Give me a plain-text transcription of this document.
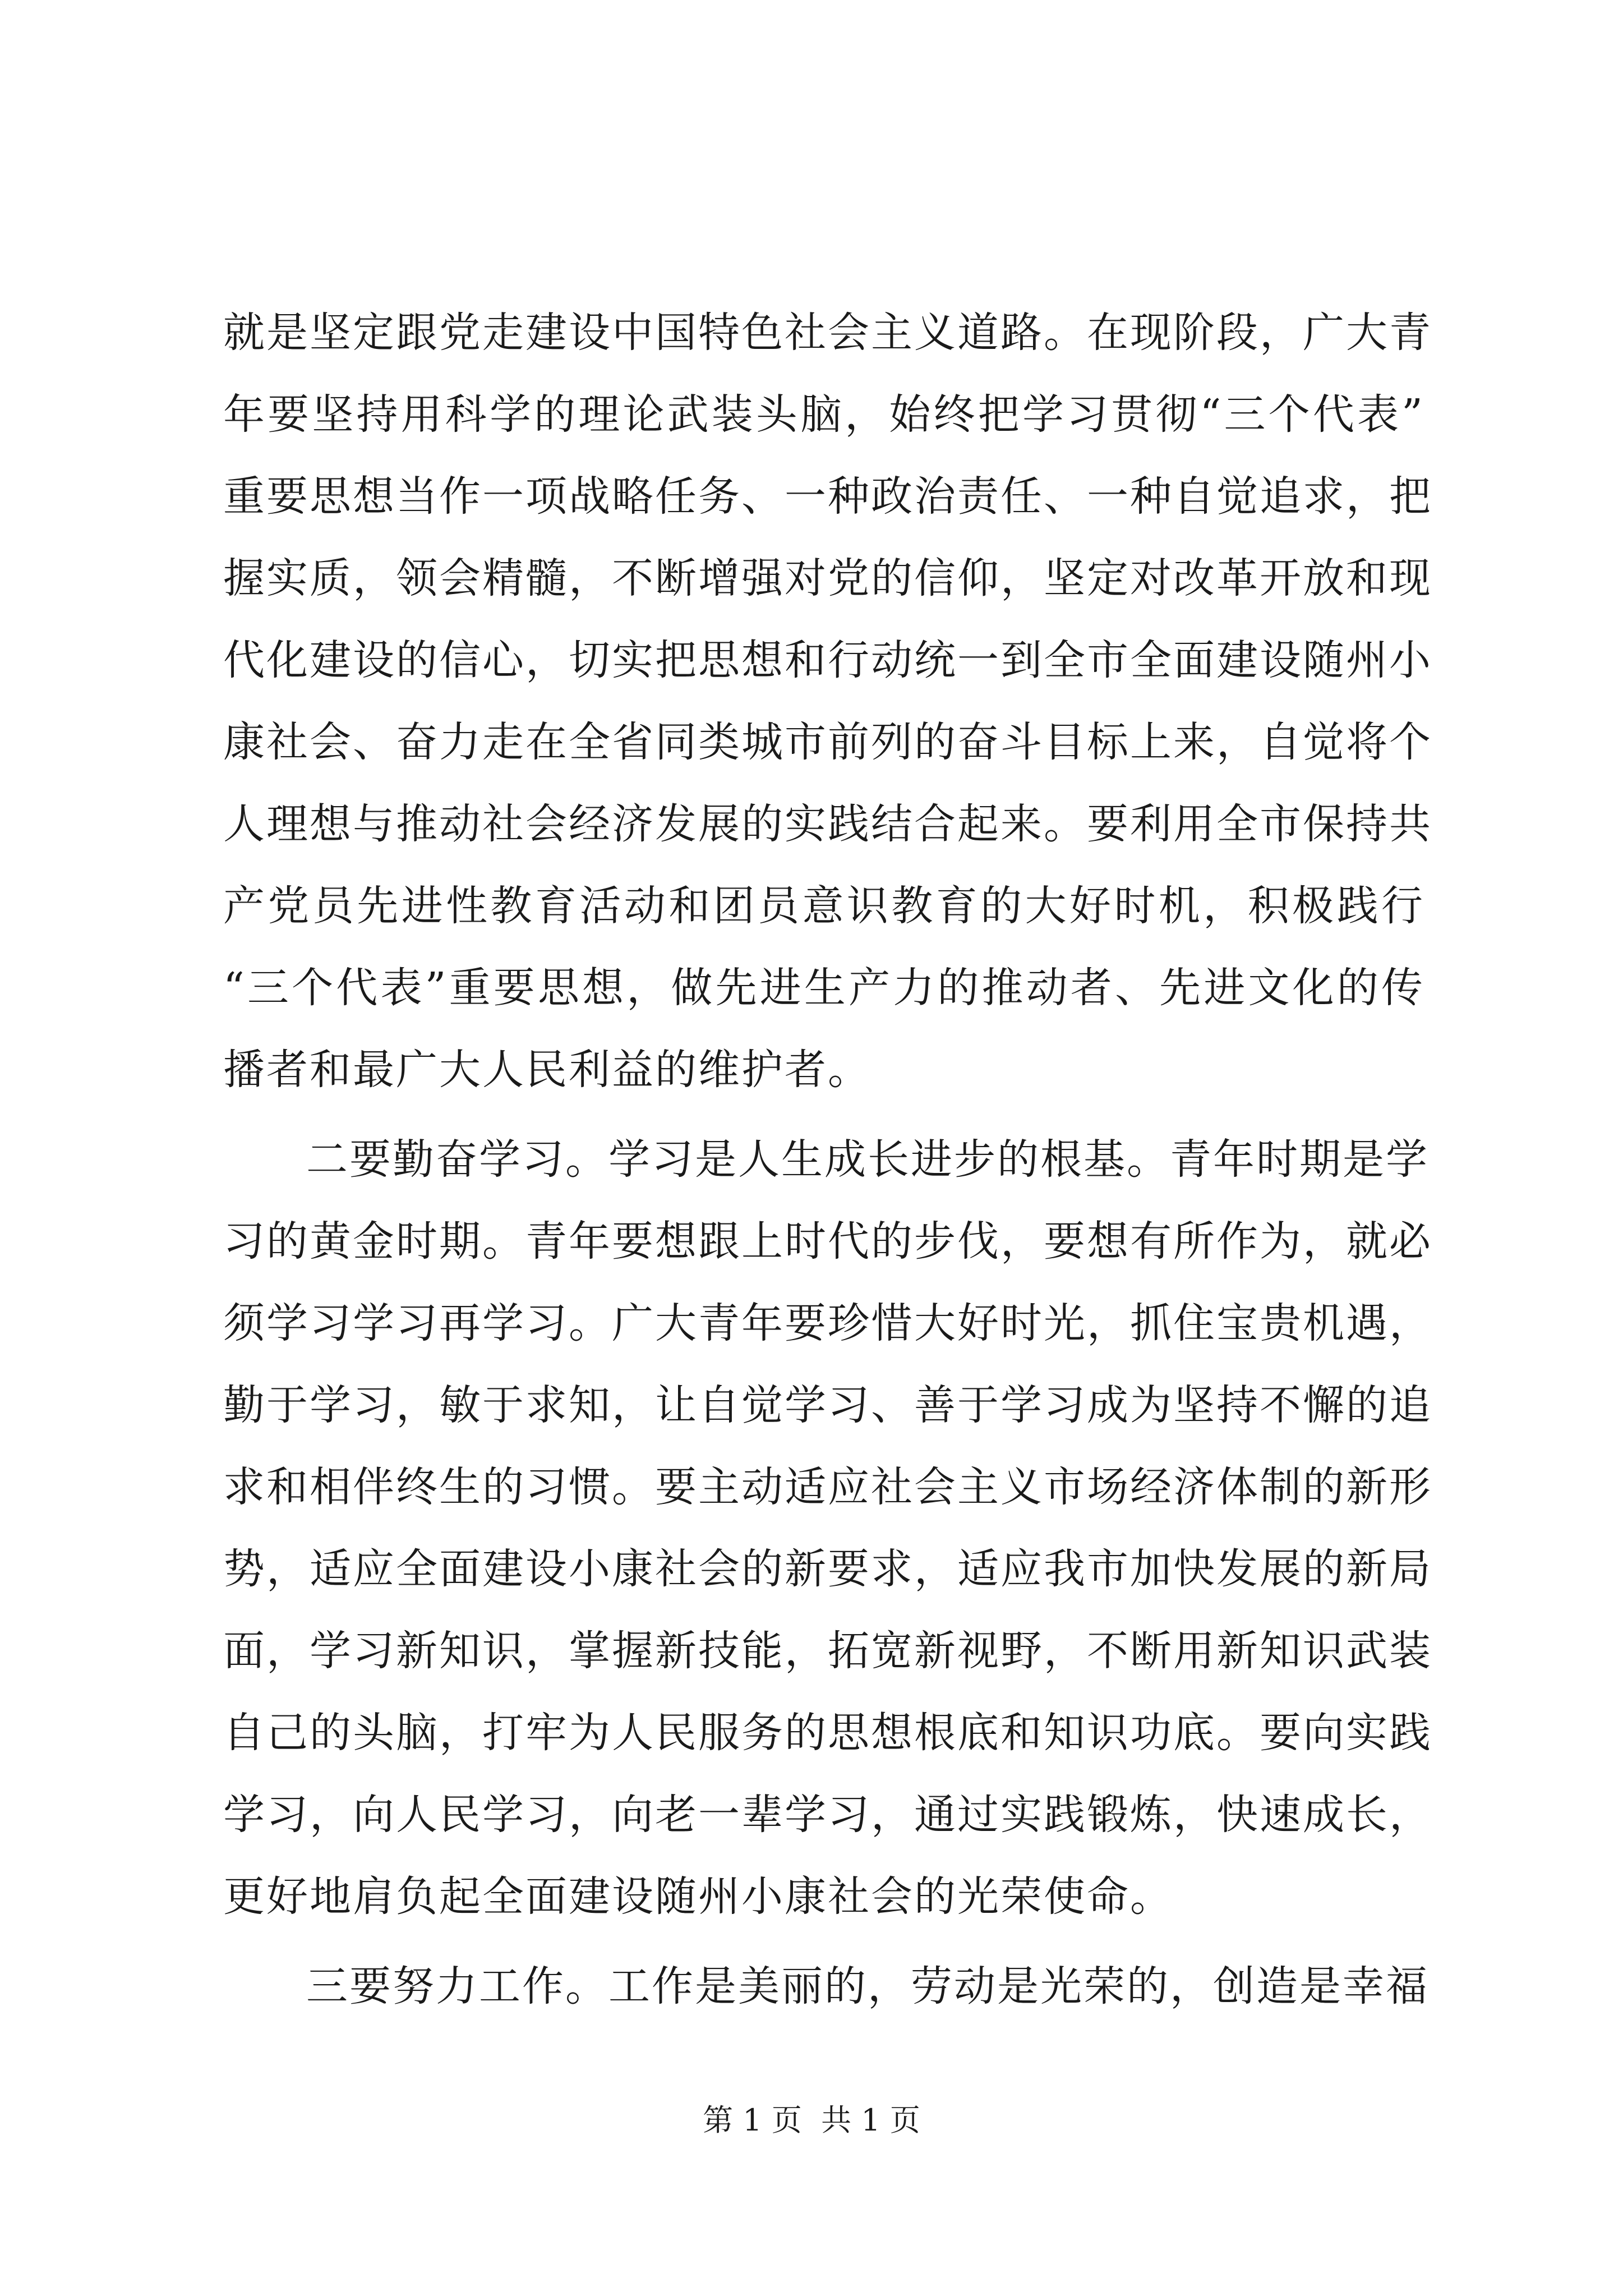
就是坚定跟党走建设中国特色社会主义道路。在现阶段，广大青
年要坚持用科学的理论武装头脑，始终把学习贯彻“三个代表”
重要思想当作一项战略任务、一种政治责任、一种自觉追求，把
握实质，领会精髓，不断增强对党的信仰，坚定对改革开放和现
代化建设的信心，切实把思想和行动统一到全市全面建设随州小
康社会、奋力走在全省同类城市前列的奋斗目标上来，自觉将个
人理想与推动社会经济发展的实践结合起来。要利用全市保持共
产党员先进性教育活动和团员意识教育的大好时机，积极践行
“三个代表”重要思想，做先进生产力的推动者、先进文化的传
播者和最广大人民利益的维护者。
二要勤奋学习。学习是人生成长进步的根基。青年时期是学
习的黄金时期。青年要想跟上时代的步伐，要想有所作为，就必
须学习学习再学习。广大青年要珍惜大好时光，抓住宝贵机遇，
勤于学习，敏于求知，让自觉学习、善于学习成为坚持不懈的追
求和相伴终生的习惯。要主动适应社会主义市场经济体制的新形
势，适应全面建设小康社会的新要求，适应我市加快发展的新局
面，学习新知识，掌握新技能，拓宽新视野，不断用新知识武装
自己的头脑，打牢为人民服务的思想根底和知识功底。要向实践
学习，向人民学习，向老一辈学习，通过实践锻炼，快速成长，
更好地肩负起全面建设随州小康社会的光荣使命。
三要努力工作。工作是美丽的，劳动是光荣的，创造是幸福
第 1 页  共 1 页
